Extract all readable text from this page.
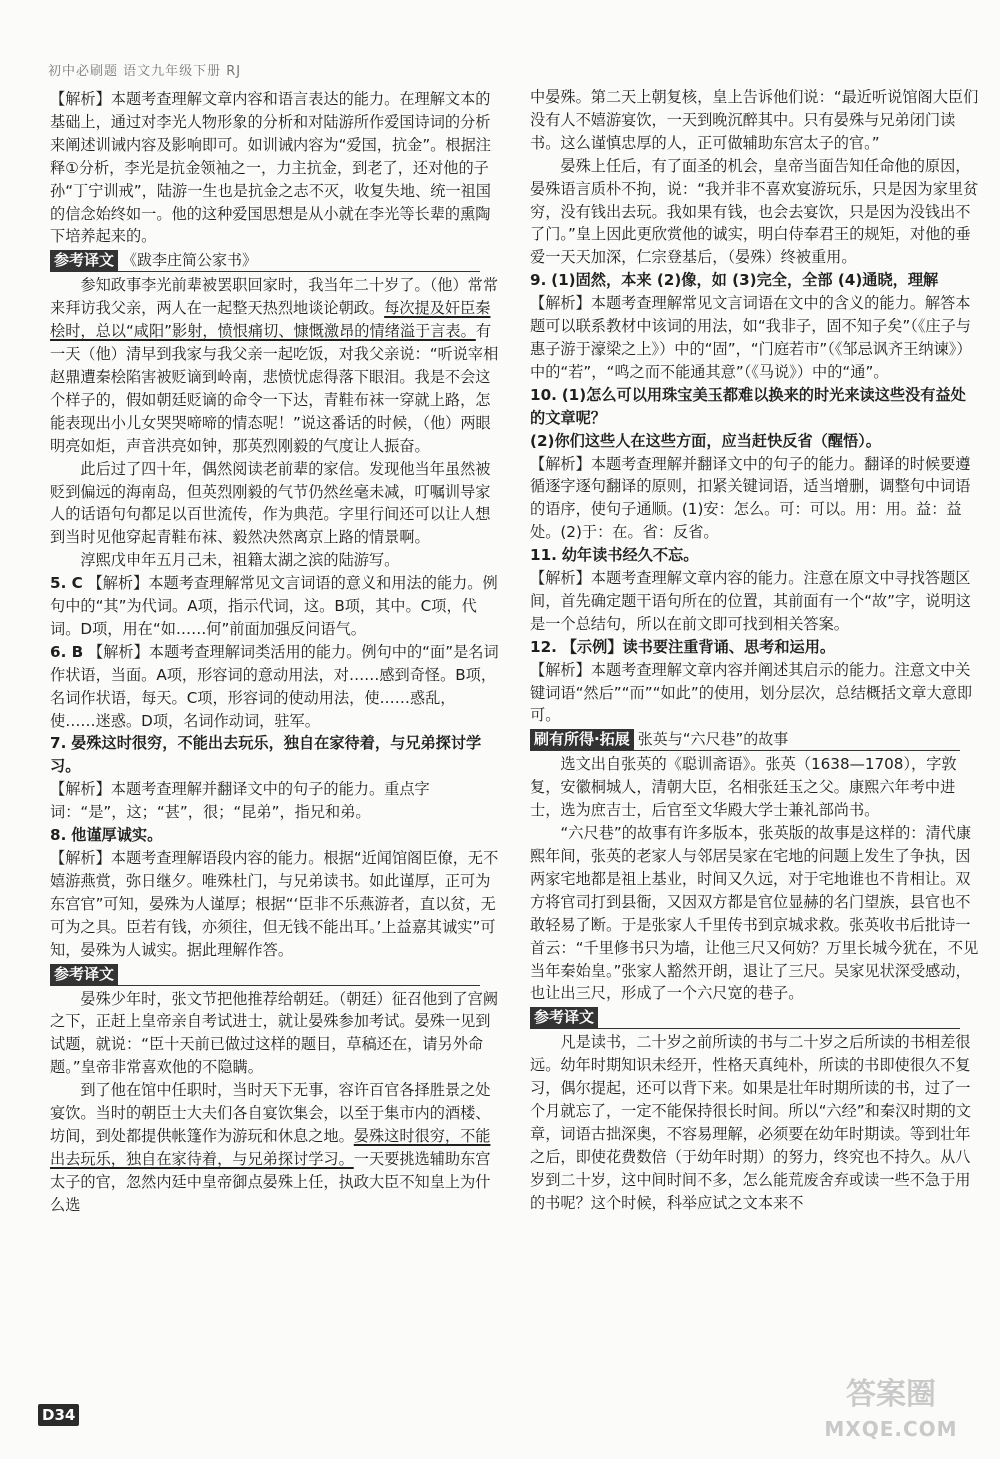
初中必刷题 语文九年级下册 RJ

【解析】本题考查理解文章内容和语言表达的能力。在理解文本的基础上，通过对李光人物形象的分析和对陆游所作爱国诗词的分析来阐述训诫内容及影响即可。如训诫内容为“爱国，抗金”。根据注释①分析，李光是抗金领袖之一，力主抗金，到老了，还对他的子孙“丁宁训戒”，陆游一生也是抗金之志不灭，收复失地、统一祖国的信念始终如一。他的这种爱国思想是从小就在李光等长辈的熏陶下培养起来的。

参考译文 《跋李庄简公家书》

参知政事李光前辈被罢职回家时，我当年二十岁了。（他）常常来拜访我父亲，两人在一起整天热烈地谈论朝政。每次提及奸臣秦桧时，总以“咸阳”影射，愤恨痛切、慷慨激昂的情绪溢于言表。有一天（他）清早到我家与我父亲一起吃饭，对我父亲说：“听说宰相赵鼎遭秦桧陷害被贬谪到岭南，悲愤忧虑得落下眼泪。我是不会这个样子的，假如朝廷贬谪的命令一下达，青鞋布袜一穿就上路，怎能表现出小儿女哭哭啼啼的情态呢！”说这番话的时候，（他）两眼明亮如炬，声音洪亮如钟，那英烈刚毅的气度让人振奋。

此后过了四十年，偶然阅读老前辈的家信。发现他当年虽然被贬到偏远的海南岛，但英烈刚毅的气节仍然丝毫未减，叮嘱训导家人的话语句句都足以百世流传，作为典范。字里行间还可以让人想到当时见他穿起青鞋布袜、毅然决然离京上路的情景啊。

淳熙戊申年五月己未，祖籍太湖之滨的陆游写。

5. C 【解析】本题考查理解常见文言词语的意义和用法的能力。例句中的“其”为代词。A项，指示代词，这。B项，其中。C项，代词。D项，用在“如……何”前面加强反问语气。

6. B 【解析】本题考查理解词类活用的能力。例句中的“面”是名词作状语，当面。A项，形容词的意动用法，对……感到奇怪。B项，名词作状语，每天。C项，形容词的使动用法，使……惑乱，使……迷惑。D项，名词作动词，驻军。

7. 晏殊这时很穷，不能出去玩乐，独自在家待着，与兄弟探讨学习。

【解析】本题考查理解并翻译文中的句子的能力。重点字词：“是”，这；“甚”，很；“昆弟”，指兄和弟。

8. 他谨厚诚实。

【解析】本题考查理解语段内容的能力。根据“近闻馆阁臣僚，无不嬉游燕赏，弥日继夕。唯殊杜门，与兄弟读书。如此谨厚，正可为东宫官”可知，晏殊为人谨厚；根据“‘臣非不乐燕游者，直以贫，无可为之具。臣若有钱，亦须往，但无钱不能出耳。’上益嘉其诚实”可知，晏殊为人诚实。据此理解作答。

参考译文

晏殊少年时，张文节把他推荐给朝廷。（朝廷）征召他到了宫阙之下，正赶上皇帝亲自考试进士，就让晏殊参加考试。晏殊一见到试题，就说：“臣十天前已做过这样的题目，草稿还在，请另外命题。”皇帝非常喜欢他的不隐瞒。

到了他在馆中任职时，当时天下无事，容许百官各择胜景之处宴饮。当时的朝臣士大夫们各自宴饮集会，以至于集市内的酒楼、坊间，到处都提供帐篷作为游玩和休息之地。晏殊这时很穷，不能出去玩乐，独自在家待着，与兄弟探讨学习。一天要挑选辅助东宫太子的官，忽然内廷中皇帝御点晏殊上任，执政大臣不知皇上为什么选

中晏殊。第二天上朝复核，皇上告诉他们说：“最近听说馆阁大臣们没有人不嬉游宴饮，一天到晚沉醉其中。只有晏殊与兄弟闭门读书。这么谨慎忠厚的人，正可做辅助东宫太子的官。”

晏殊上任后，有了面圣的机会，皇帝当面告知任命他的原因，晏殊语言质朴不拘，说：“我并非不喜欢宴游玩乐，只是因为家里贫穷，没有钱出去玩。我如果有钱，也会去宴饮，只是因为没钱出不了门。”皇上因此更欣赏他的诚实，明白侍奉君王的规矩，对他的垂爱一天天加深，仁宗登基后，（晏殊）终被重用。

9. (1)固然，本来 (2)像，如 (3)完全，全部 (4)通晓，理解

【解析】本题考查理解常见文言词语在文中的含义的能力。解答本题可以联系教材中该词的用法，如“我非子，固不知子矣”（《庄子与惠子游于濠梁之上》）中的“固”，“门庭若市”（《邹忌讽齐王纳谏》）中的“若”，“鸣之而不能通其意”（《马说》）中的“通”。

10. (1)怎么可以用珠宝美玉都难以换来的时光来读这些没有益处的文章呢？

(2)你们这些人在这些方面，应当赶快反省（醒悟）。

【解析】本题考查理解并翻译文中的句子的能力。翻译的时候要遵循逐字逐句翻译的原则，扣紧关键词语，适当增删，调整句中词语的语序，使句子通顺。(1)安：怎么。可：可以。用：用。益：益处。(2)于：在。省：反省。

11. 幼年读书经久不忘。

【解析】本题考查理解文章内容的能力。注意在原文中寻找答题区间，首先确定题干语句所在的位置，其前面有一个“故”字，说明这是一个总结句，所以在前文即可找到相关答案。

12. 【示例】读书要注重背诵、思考和运用。

【解析】本题考查理解文章内容并阐述其启示的能力。注意文中关键词语“然后”“而”“如此”的使用，划分层次，总结概括文章大意即可。

刷有所得·拓展 张英与“六尺巷”的故事

选文出自张英的《聪训斋语》。张英（1638—1708），字敦复，安徽桐城人，清朝大臣，名相张廷玉之父。康熙六年考中进士，选为庶吉士，后官至文华殿大学士兼礼部尚书。

“六尺巷”的故事有许多版本，张英版的故事是这样的：清代康熙年间，张英的老家人与邻居吴家在宅地的问题上发生了争执，因两家宅地都是祖上基业，时间又久远，对于宅地谁也不肯相让。双方将官司打到县衙，又因双方都是官位显赫的名门望族，县官也不敢轻易了断。于是张家人千里传书到京城求救。张英收书后批诗一首云：“千里修书只为墙，让他三尺又何妨？万里长城今犹在，不见当年秦始皇。”张家人豁然开朗，退让了三尺。吴家见状深受感动，也让出三尺，形成了一个六尺宽的巷子。

参考译文

凡是读书，二十岁之前所读的书与二十岁之后所读的书相差很远。幼年时期知识未经开，性格天真纯朴，所读的书即使很久不复习，偶尔提起，还可以背下来。如果是壮年时期所读的书，过了一个月就忘了，一定不能保持很长时间。所以“六经”和秦汉时期的文章，词语古拙深奥，不容易理解，必须要在幼年时期读。等到壮年之后，即使花费数倍（于幼年时期）的努力，终究也不持久。从八岁到二十岁，这中间时间不多，怎么能荒废舍弃或读一些不急于用的书呢？这个时候，科举应试之文本来不

D34
答案圈
MXQE.COM
